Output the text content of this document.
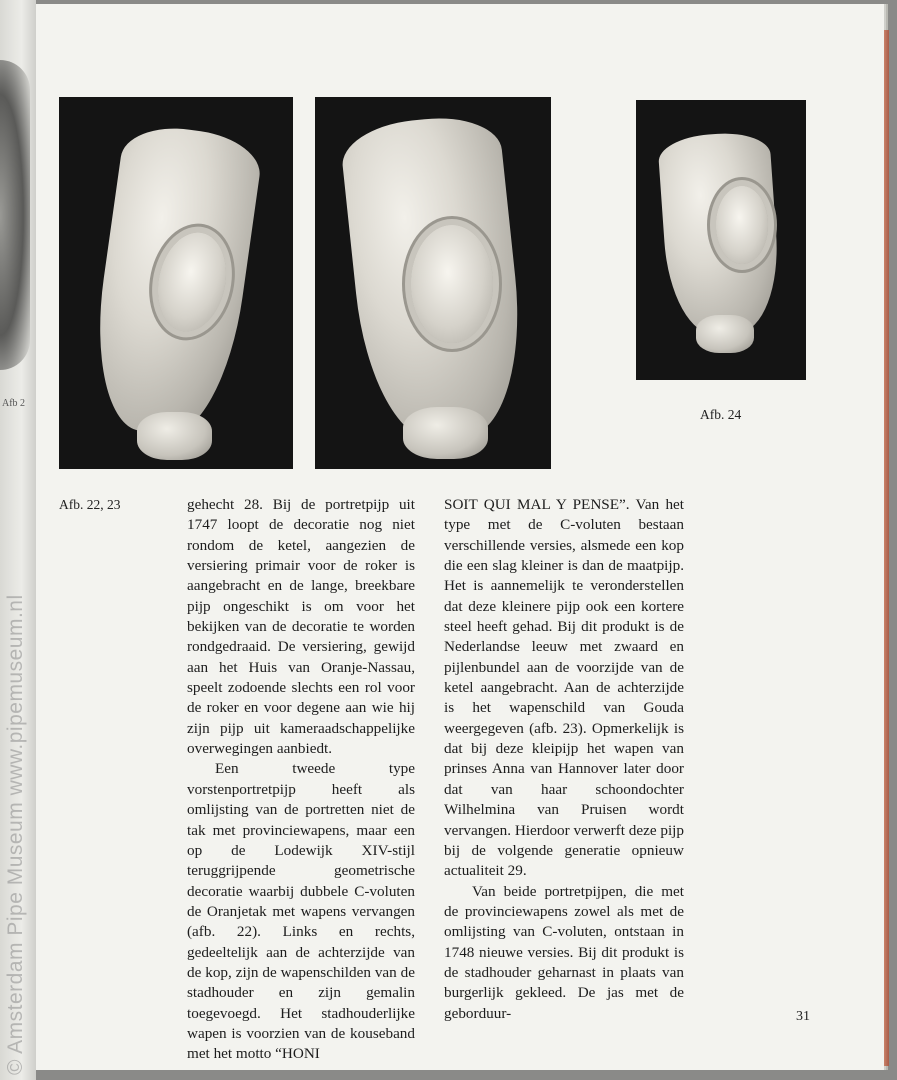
Afb 2
Afb. 22, 23
Afb. 24

gehecht 28. Bij de portretpijp uit 1747 loopt de decoratie nog niet rondom de ketel, aangezien de versiering primair voor de roker is aangebracht en de lange, breekbare pijp ongeschikt is om voor het bekijken van de decoratie te worden rondgedraaid. De versiering, gewijd aan het Huis van Oranje-Nassau, speelt zodoende slechts een rol voor de roker en voor degene aan wie hij zijn pijp uit kameraadschappelijke overwegingen aanbiedt.

Een tweede type vorstenportretpijp heeft als omlijsting van de portretten niet de tak met provinciewapens, maar een op de Lodewijk XIV-stijl teruggrijpende geometrische decoratie waarbij dubbele C-voluten de Oranjetak met wapens vervangen (afb. 22). Links en rechts, gedeeltelijk aan de achterzijde van de kop, zijn de wapenschilden van de stadhouder en zijn gemalin toegevoegd. Het stadhouderlijke wapen is voorzien van de kouseband met het motto “HONI

SOIT QUI MAL Y PENSE”. Van het type met de C-voluten bestaan verschillende versies, alsmede een kop die een slag kleiner is dan de maatpijp. Het is aannemelijk te veronderstellen dat deze kleinere pijp ook een kortere steel heeft gehad. Bij dit produkt is de Nederlandse leeuw met zwaard en pijlenbundel aan de voorzijde van de ketel aangebracht. Aan de achterzijde is het wapenschild van Gouda weergegeven (afb. 23). Opmerkelijk is dat bij deze kleipijp het wapen van prinses Anna van Hannover later door dat van haar schoondochter Wilhelmina van Pruisen wordt vervangen. Hierdoor verwerft deze pijp bij de volgende generatie opnieuw actualiteit 29.

Van beide portretpijpen, die met de provinciewapens zowel als met de omlijsting van C-voluten, ontstaan in 1748 nieuwe versies. Bij dit produkt is de stadhouder geharnast in plaats van burgerlijk gekleed. De jas met de geborduur-	31
© Amsterdam Pipe Museum www.pipemuseum.nl
